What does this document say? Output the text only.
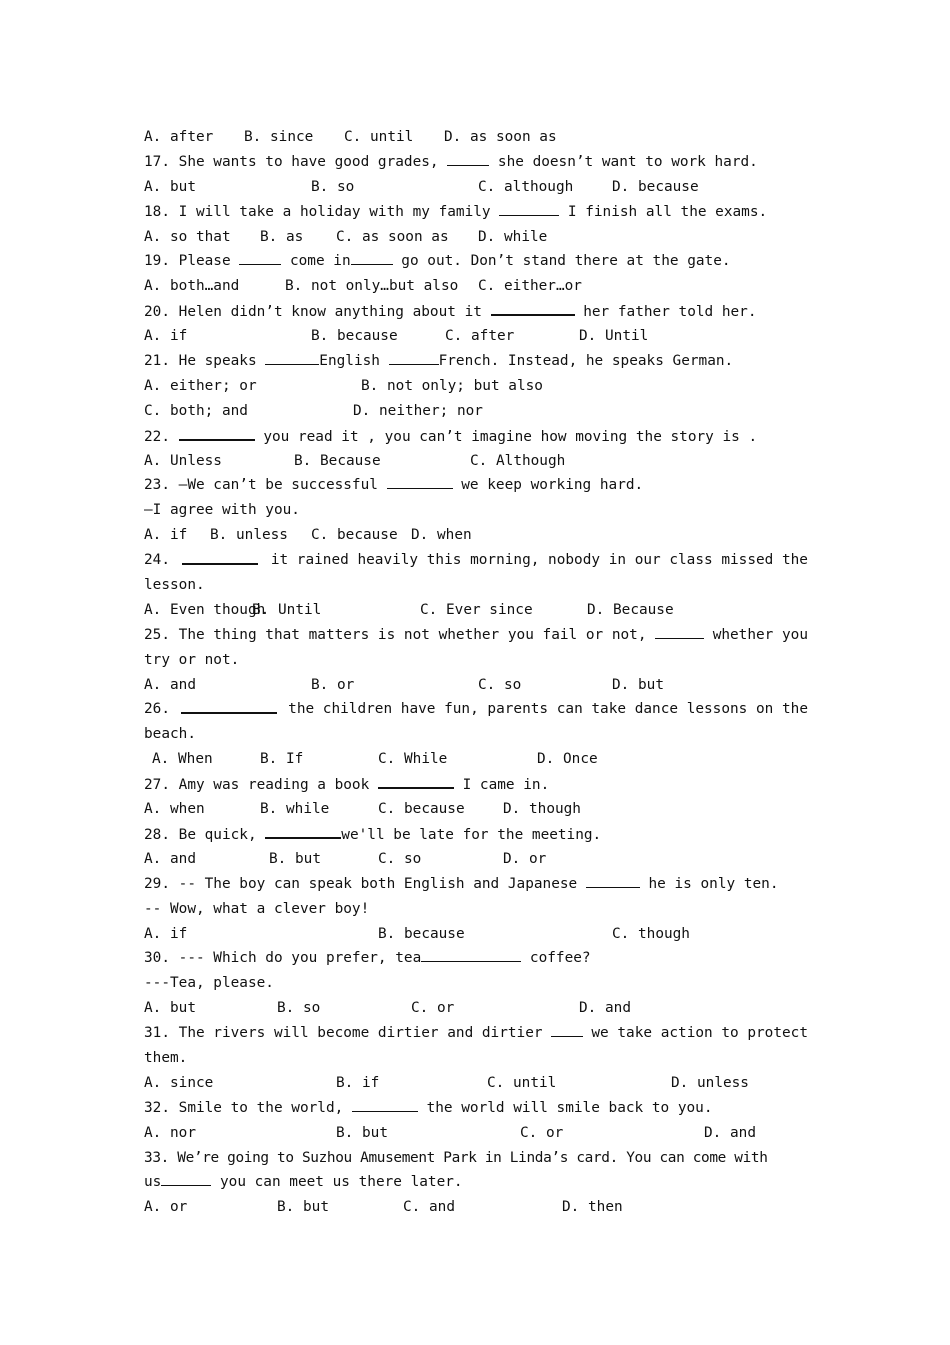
A. after

B. since

C. until

D. as soon as

17. She wants to have good grades,	she doesn’t want to work hard.

A. but

	B. so

	C. although

	D. because

18. I will take a holiday with my family	I finish all the exams.

A. so that

B. as

C. as soon as

D. while

19. Please	come in	go out. Don’t stand there at the gate.

A. both…and

	B. not only…but also

C. either…or

20. Helen didn’t know anything about it	her father told her.

A. if

	B. because

	C. after

	D. Until

21. He speaks	English	French. Instead, he speaks German.

A. either; or

	B. not only; but also

C. both; and

	D. neither; nor

22.	you read it , you can’t imagine how moving the story is .

A. Unless

	B. Because

	C. Although

23. —We can’t be successful	we keep working hard.
—I agree with you.

A. if

B. unless

C. because

D. when

24.	it rained heavily this morning, nobody in our class missed the
lesson.

A. Even though

B. Until

	C. Ever since

	D. Because

25. The thing that matters is not whether you fail or not,	whether you
try or not.

A. and

	B. or

	C. so

	D. but

26.	the children have fun, parents can take dance lessons on the
beach.

A. When

	B. If

	C. While

	D. Once

27. Amy was reading a book	I came in.

A. when

	B. while

	C. because

	D. though

28. Be quick,	we'll be late for the meeting.

A. and

	B. but

	C. so

	D. or

29. -- The boy can speak both English and Japanese	he is only ten.
-- Wow, what a clever boy!

A. if

	B. because

	C. though

30. --- Which do you prefer, tea	coffee?
---Tea, please.

A. but

	B. so

	C. or

	D. and

31. The rivers will become dirtier and dirtier we take action to protect
them.

A. since

	B. if

	C. until

	D. unless

32. Smile to the world,	the world will smile back to you.

A. nor

	B. but

	C. or

	D. and

33. We’re going to Suzhou Amusement Park in Linda’s card. You can come with
us	you can meet us there later.

A. or

	B. but

	C. and

	D. then
